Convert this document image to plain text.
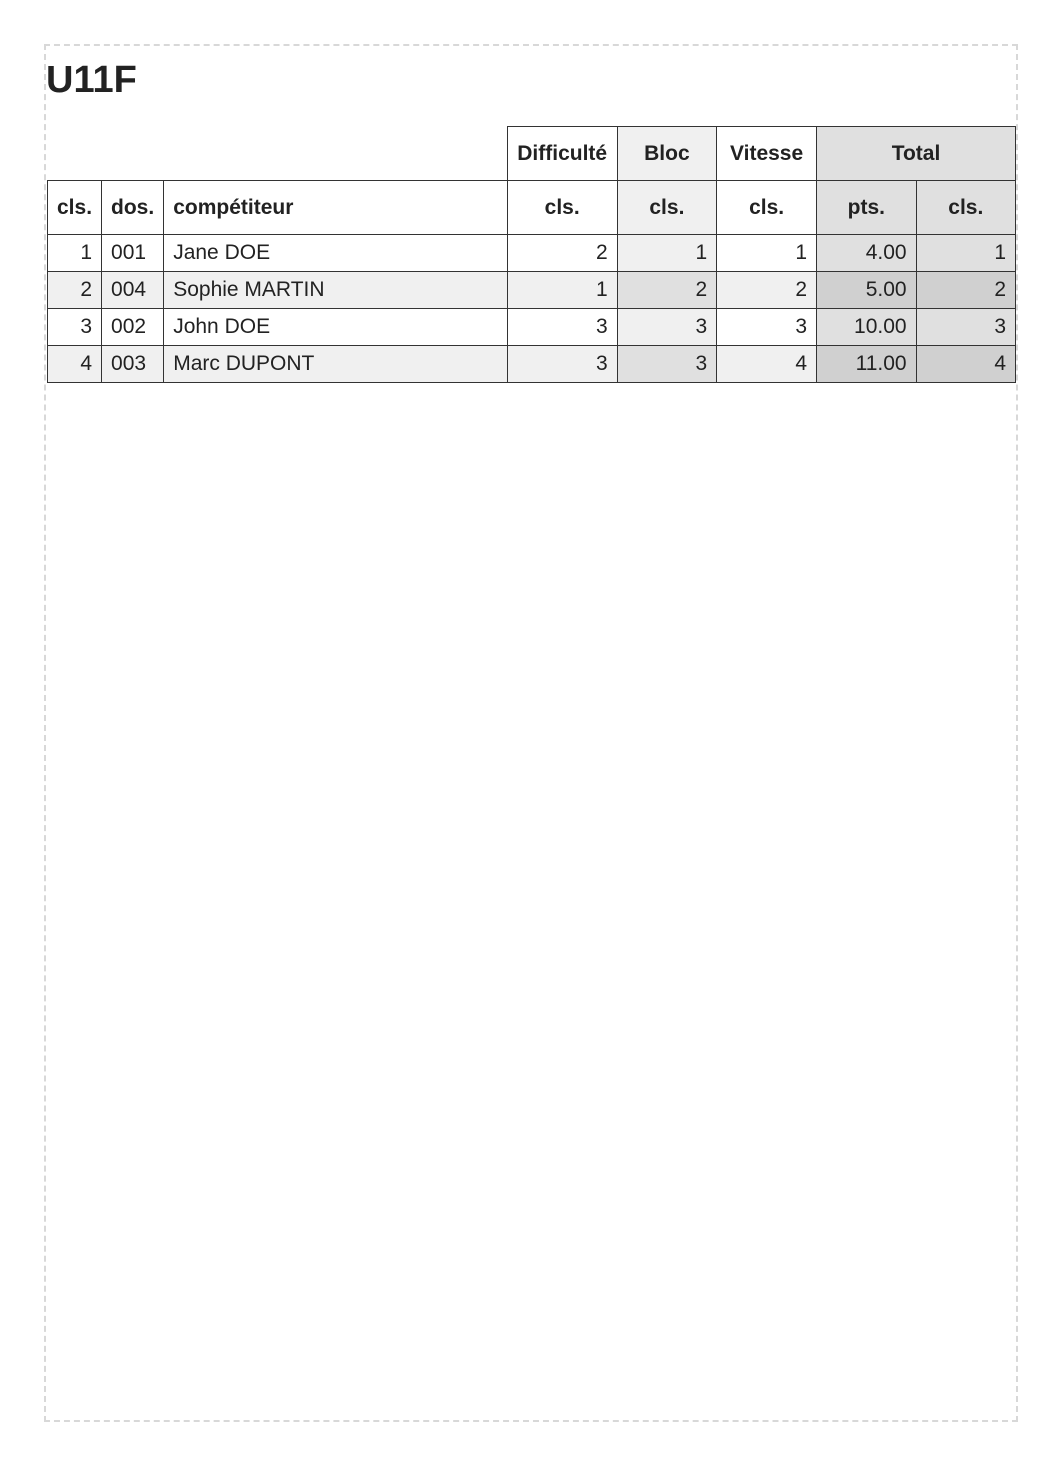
U11F
			Difficulté	Bloc	Vitesse	Total	
cls.	dos.	compétiteur	cls.	cls.	cls.	pts.	cls.
1	001	Jane DOE	2	1	1	4.00	1
2	004	Sophie MARTIN	1	2	2	5.00	2
3	002	John DOE	3	3	3	10.00	3
4	003	Marc DUPONT	3	3	4	11.00	4
